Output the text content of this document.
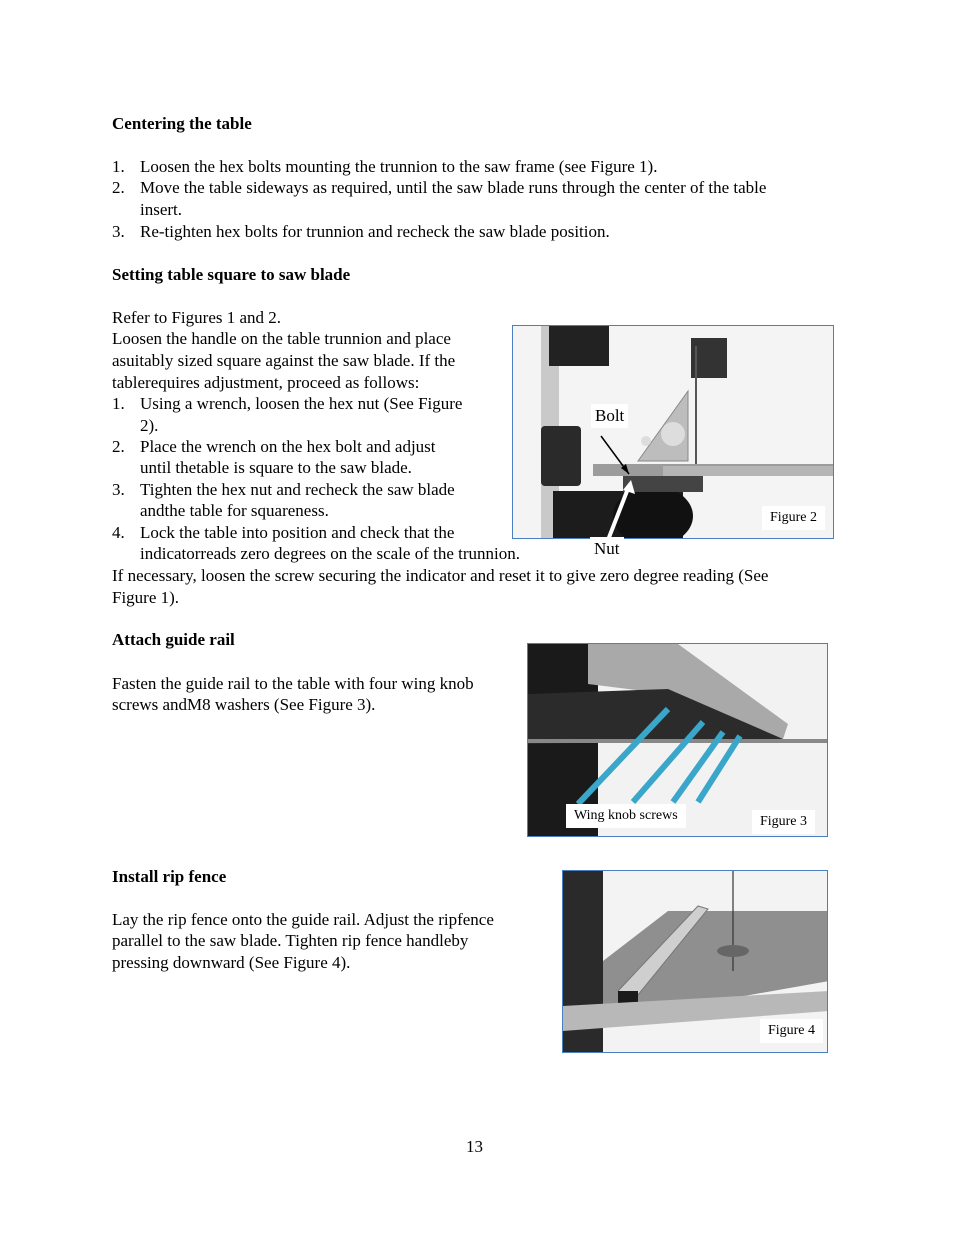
Centering the table
1. Loosen the hex bolts mounting the trunnion to the saw frame (see Figure 1).
2. Move the table sideways as required, until the saw blade runs through the center of the table
insert.
3. Re-tighten hex bolts for trunnion and recheck the saw blade position.
Setting table square to saw blade
Refer to Figures 1 and 2.
Loosen the handle on the table trunnion and place
asuitably sized square against the saw blade. If the
tablerequires adjustment, proceed as follows:
1. Using a wrench, loosen the hex nut (See Figure
2).
2. Place the wrench on the hex bolt and adjust
until thetable is square to the saw blade.
3. Tighten the hex nut and recheck the saw blade
andthe table for squareness.
4. Lock the table into position and check that the
indicatorreads zero degrees on the scale of the trunnion.
If necessary, loosen the screw securing the indicator and reset it to give zero degree reading (See
Figure 1).
Bolt
Figure 2
Nut
Attach guide rail
Fasten the guide rail to the table with four wing knob
screws andM8 washers (See Figure 3).
Wing knob screws	Figure 3
Install rip fence
Lay the rip fence onto the guide rail. Adjust the ripfence
parallel to the saw blade. Tighten rip fence handleby
pressing downward (See Figure 4).
Figure 4
13
